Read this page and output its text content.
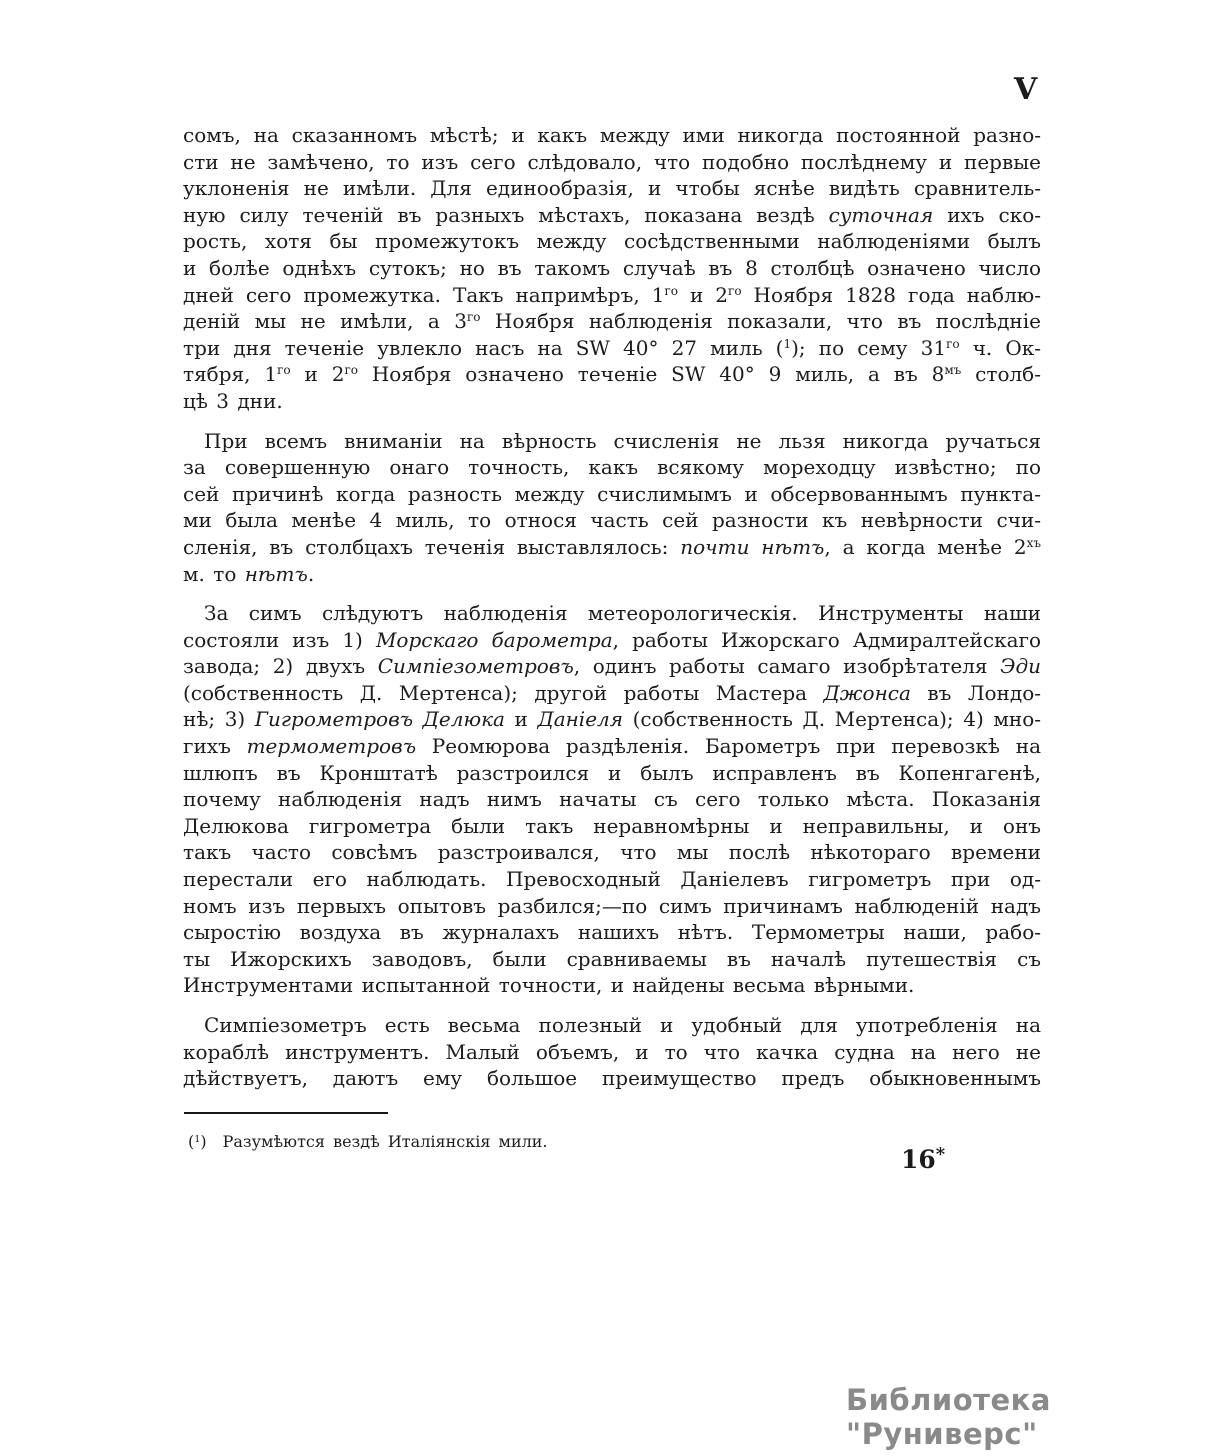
V
сомъ, на сказанномъ мѣстѣ; и какъ между ими никогда постоянной разно-
сти не замѣчено, то изъ сего слѣдовало, что подобно послѣднему и первые
уклоненія не имѣли. Для единообразія, и чтобы яснѣе видѣть сравнитель-
ную силу теченій въ разныхъ мѣстахъ, показана вездѣ суточная ихъ ско-
рость, хотя бы промежутокъ между сосѣдственными наблюденіями былъ
и болѣе однѣхъ сутокъ; но въ такомъ случаѣ въ 8 столбцѣ означено число
дней сего промежутка. Такъ напримѣръ, $1^{го}$ и $2^{го}$ Ноября 1828 года наблю-
деній мы не имѣли, а $3^{го}$ Ноября наблюденія показали, что въ послѣдніе
три дня теченіе увлекло насъ на SW 40° 27 миль ($^1$); по сему $31^{го}$ ч. Ок-
тября, $1^{го}$ и $2^{го}$ Ноября означено теченіе SW 40° 9 миль, а въ $8^{мъ}$ столб-
цѣ 3 дни.
При всемъ вниманіи на вѣрность счисленія не льзя никогда ручаться
за совершенную онаго точность, какъ всякому мореходцу извѣстно; по
сей причинѣ когда разность между счислимымъ и обсервованнымъ пункта-
ми была менѣе 4 миль, то относя часть сей разности къ невѣрности счи-
сленія, въ столбцахъ теченія выставлялось: почти нѣтъ, а когда менѣе $2^{хъ}$
м. то нѣтъ.
За симъ слѣдуютъ наблюденія метеорологическія. Инструменты наши
состояли изъ 1) Морскаго барометра, работы Ижорскаго Адмиралтейскаго
завода; 2) двухъ Симпіезометровъ, одинъ работы самаго изобрѣтателя Эди
(собственность Д. Мертенса); другой работы Мастера Джонса въ Лондо-
нѣ; 3) Гигрометровъ Делюка и Даніеля (собственность Д. Мертенса); 4) мно-
гихъ термометровъ Реомюрова раздѣленія. Барометръ при перевозкѣ на
шлюпъ въ Кронштатѣ разстроился и былъ исправленъ въ Копенгагенѣ,
почему наблюденія надъ нимъ начаты съ сего только мѣста. Показанія
Делюкова гигрометра были такъ неравномѣрны и неправильны, и онъ
такъ часто совсѣмъ разстроивался, что мы послѣ нѣкотораго времени
перестали его наблюдать. Превосходный Даніелевъ гигрометръ при од-
номъ изъ первыхъ опытовъ разбился;—по симъ причинамъ наблюденій надъ
сыростію воздуха въ журналахъ нашихъ нѣтъ. Термометры наши, рабо-
ты Ижорскихъ заводовъ, были сравниваемы въ началѣ путешествія съ
Инструментами испытанной точности, и найдены весьма вѣрными.
Симпіезометръ есть весьма полезный и удобный для употребленія на
кораблѣ инструментъ. Малый объемъ, и то что качка судна на него не
дѣйствуетъ, даютъ ему большое преимущество предъ обыкновеннымъ
($^1$)  Разумѣются вездѣ Италіянскія мили.
16*
Библиотека "Руниверс"
